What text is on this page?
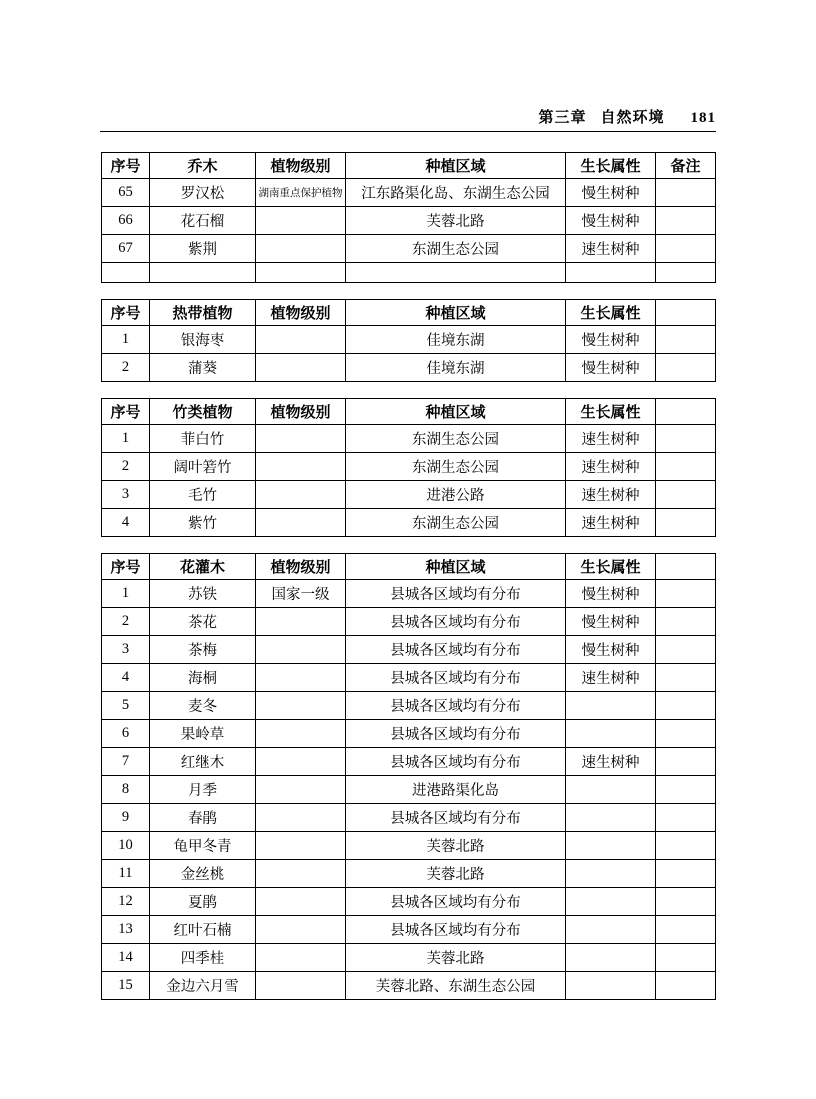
第三章 自然环境 181
序号	乔木	植物级别	种植区域	生长属性	备注
65	罗汉松	湖南重点保护植物	江东路渠化岛、东湖生态公园	慢生树种	
66	花石榴		芙蓉北路	慢生树种	
67	紫荆		东湖生态公园	速生树种	

序号	热带植物	植物级别	种植区域	生长属性	
1	银海枣		佳境东湖	慢生树种	
2	蒲葵		佳境东湖	慢生树种	
序号	竹类植物	植物级别	种植区域	生长属性	
1	菲白竹		东湖生态公园	速生树种	
2	阔叶箬竹		东湖生态公园	速生树种	
3	毛竹		进港公路	速生树种	
4	紫竹		东湖生态公园	速生树种	
序号	花灌木	植物级别	种植区域	生长属性	
1	苏铁	国家一级	县城各区域均有分布	慢生树种	
2	茶花		县城各区域均有分布	慢生树种	
3	茶梅		县城各区域均有分布	慢生树种	
4	海桐		县城各区域均有分布	速生树种	
5	麦冬		县城各区域均有分布		
6	果岭草		县城各区域均有分布		
7	红继木		县城各区域均有分布	速生树种	
8	月季		进港路渠化岛		
9	春鹃		县城各区域均有分布		
10	龟甲冬青		芙蓉北路		
11	金丝桃		芙蓉北路		
12	夏鹃		县城各区域均有分布		
13	红叶石楠		县城各区域均有分布		
14	四季桂		芙蓉北路		
15	金边六月雪		芙蓉北路、东湖生态公园		
